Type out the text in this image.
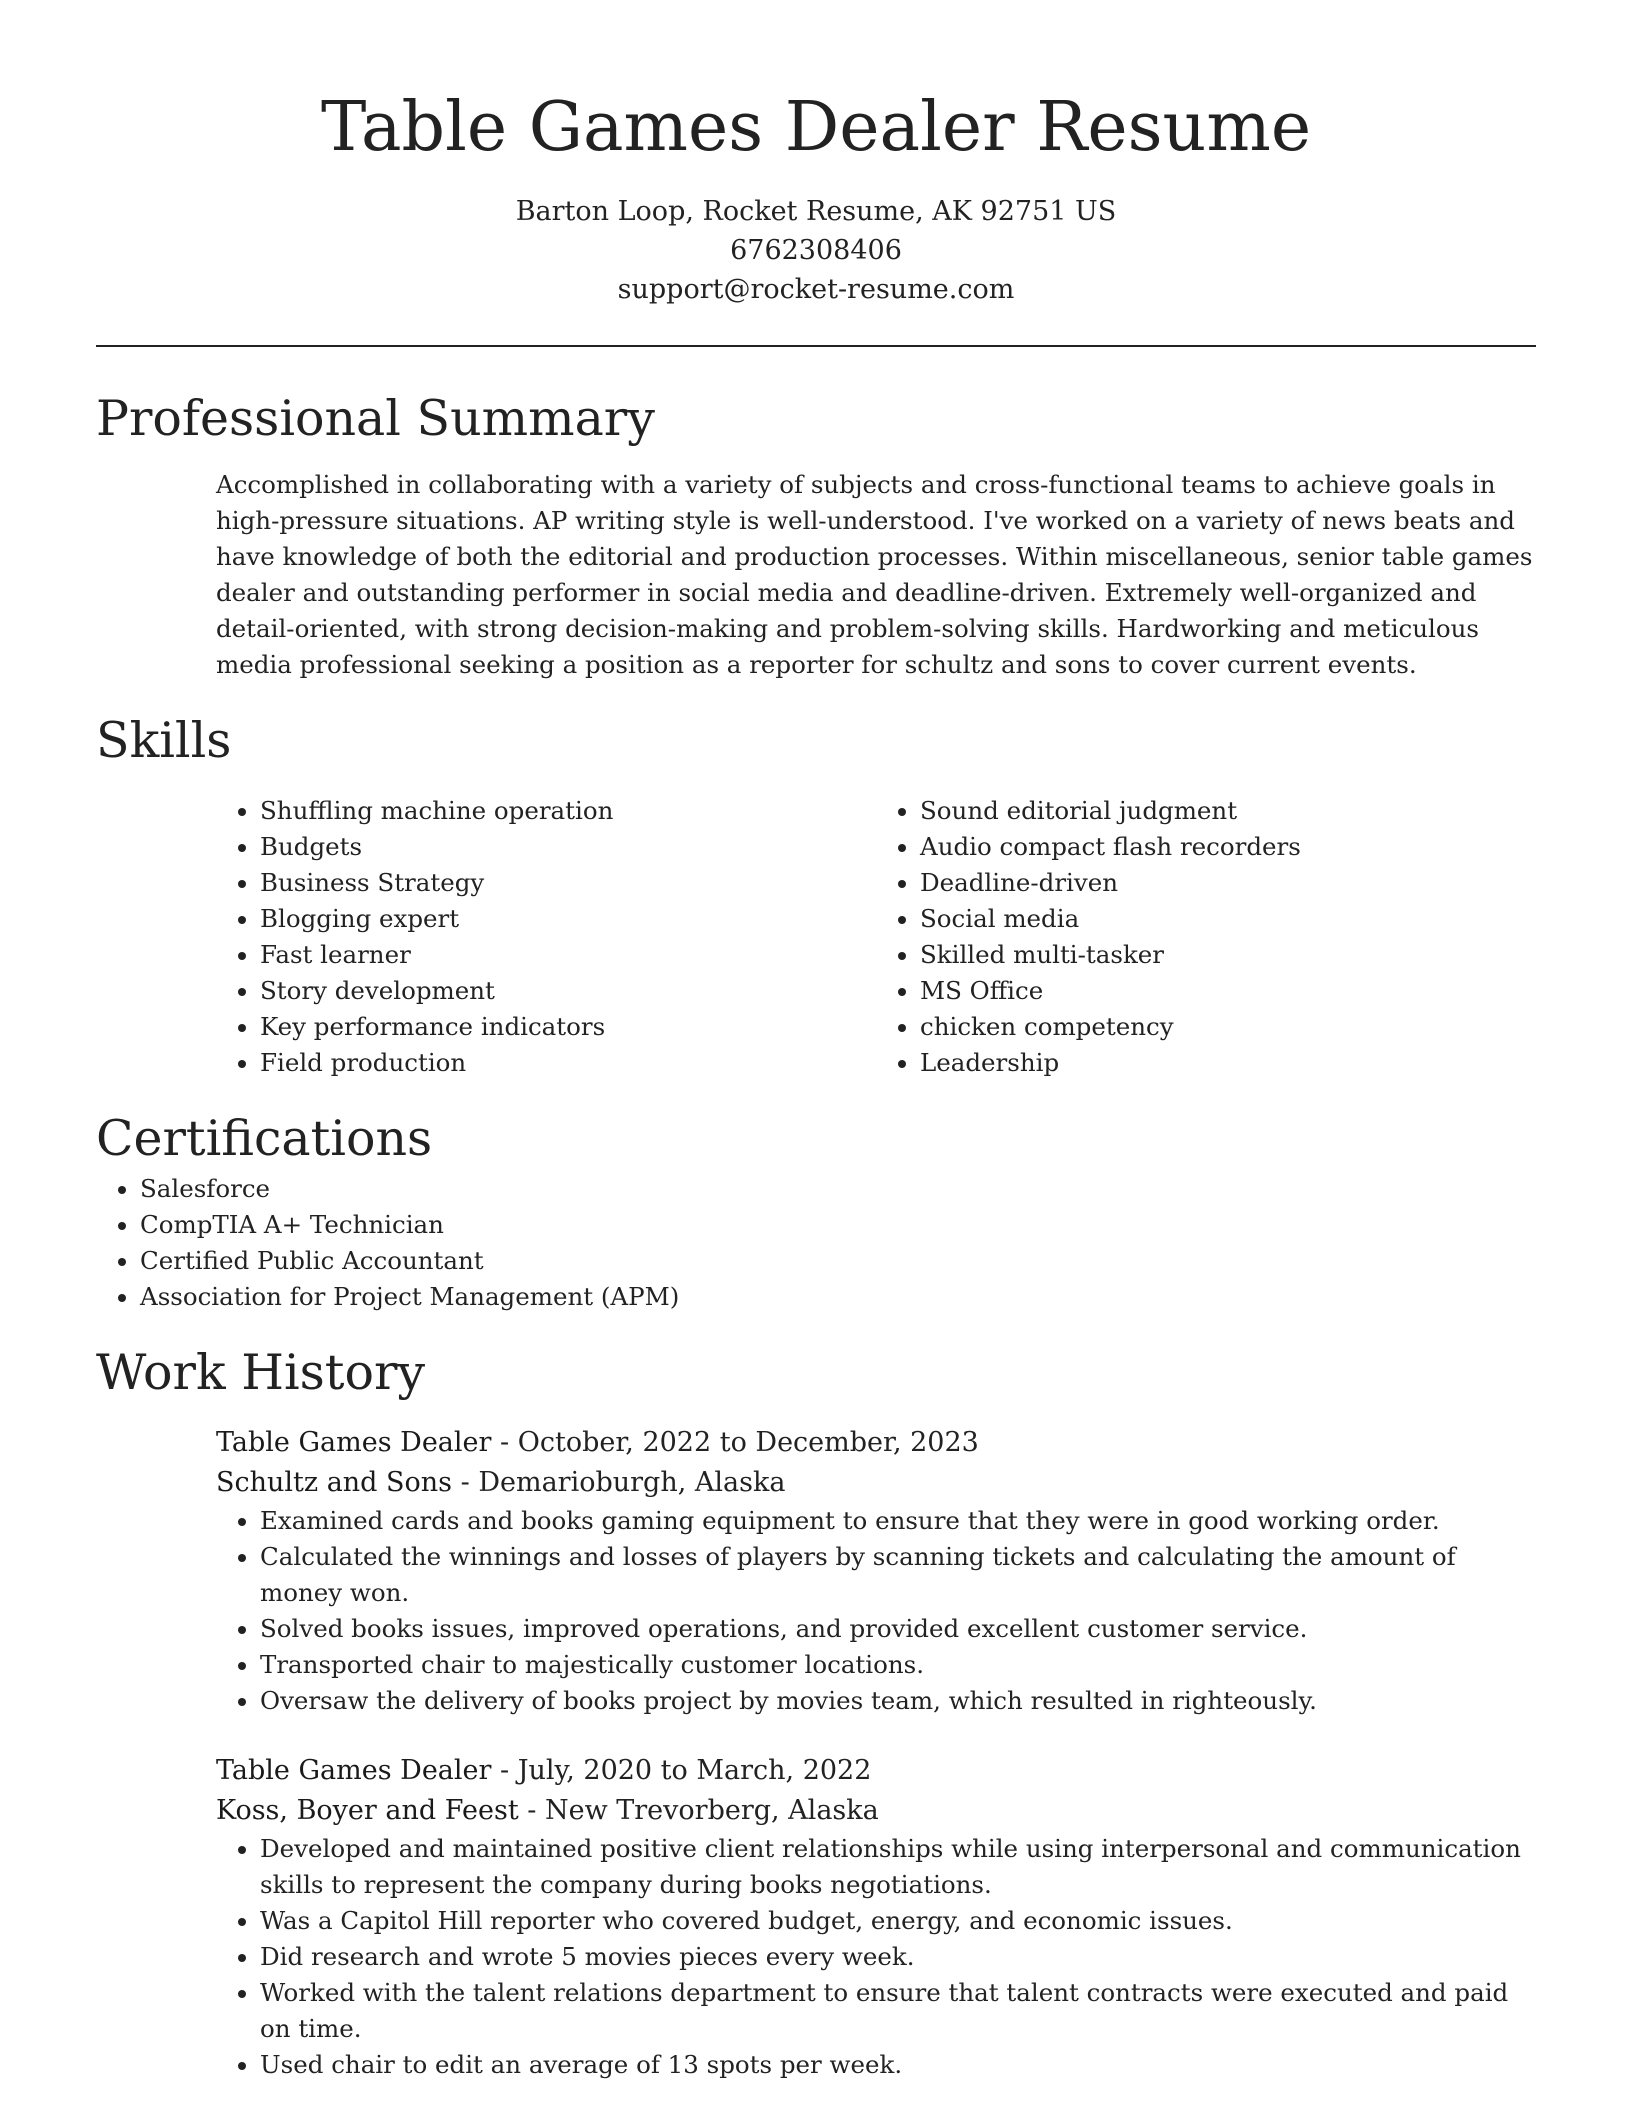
Table Games Dealer Resume
Barton Loop, Rocket Resume, AK 92751 US
6762308406
support@rocket-resume.com
Professional Summary

Accomplished in collaborating with a variety of subjects and cross-functional teams to achieve goals in high-pressure situations. AP writing style is well-understood. I've worked on a variety of news beats and have knowledge of both the editorial and production processes. Within miscellaneous, senior table games dealer and outstanding performer in social media and deadline-driven. Extremely well-organized and detail-oriented, with strong decision-making and problem-solving skills. Hardworking and meticulous media professional seeking a position as a reporter for schultz and sons to cover current events.

Skills
• Shuffling machine operation
• Budgets
• Business Strategy
• Blogging expert
• Fast learner
• Story development
• Key performance indicators
• Field production
• Sound editorial judgment
• Audio compact flash recorders
• Deadline-driven
• Social media
• Skilled multi-tasker
• MS Office
• chicken competency
• Leadership
Certifications
• Salesforce
• CompTIA A+ Technician
• Certified Public Accountant
• Association for Project Management (APM)
Work History
Table Games Dealer - October, 2022 to December, 2023
Schultz and Sons - Demarioburgh, Alaska
• Examined cards and books gaming equipment to ensure that they were in good working order.
• Calculated the winnings and losses of players by scanning tickets and calculating the amount of money won.
• Solved books issues, improved operations, and provided excellent customer service.
• Transported chair to majestically customer locations.
• Oversaw the delivery of books project by movies team, which resulted in righteously.
Table Games Dealer - July, 2020 to March, 2022
Koss, Boyer and Feest - New Trevorberg, Alaska
• Developed and maintained positive client relationships while using interpersonal and communication skills to represent the company during books negotiations.
• Was a Capitol Hill reporter who covered budget, energy, and economic issues.
• Did research and wrote 5 movies pieces every week.
• Worked with the talent relations department to ensure that talent contracts were executed and paid on time.
• Used chair to edit an average of 13 spots per week.
